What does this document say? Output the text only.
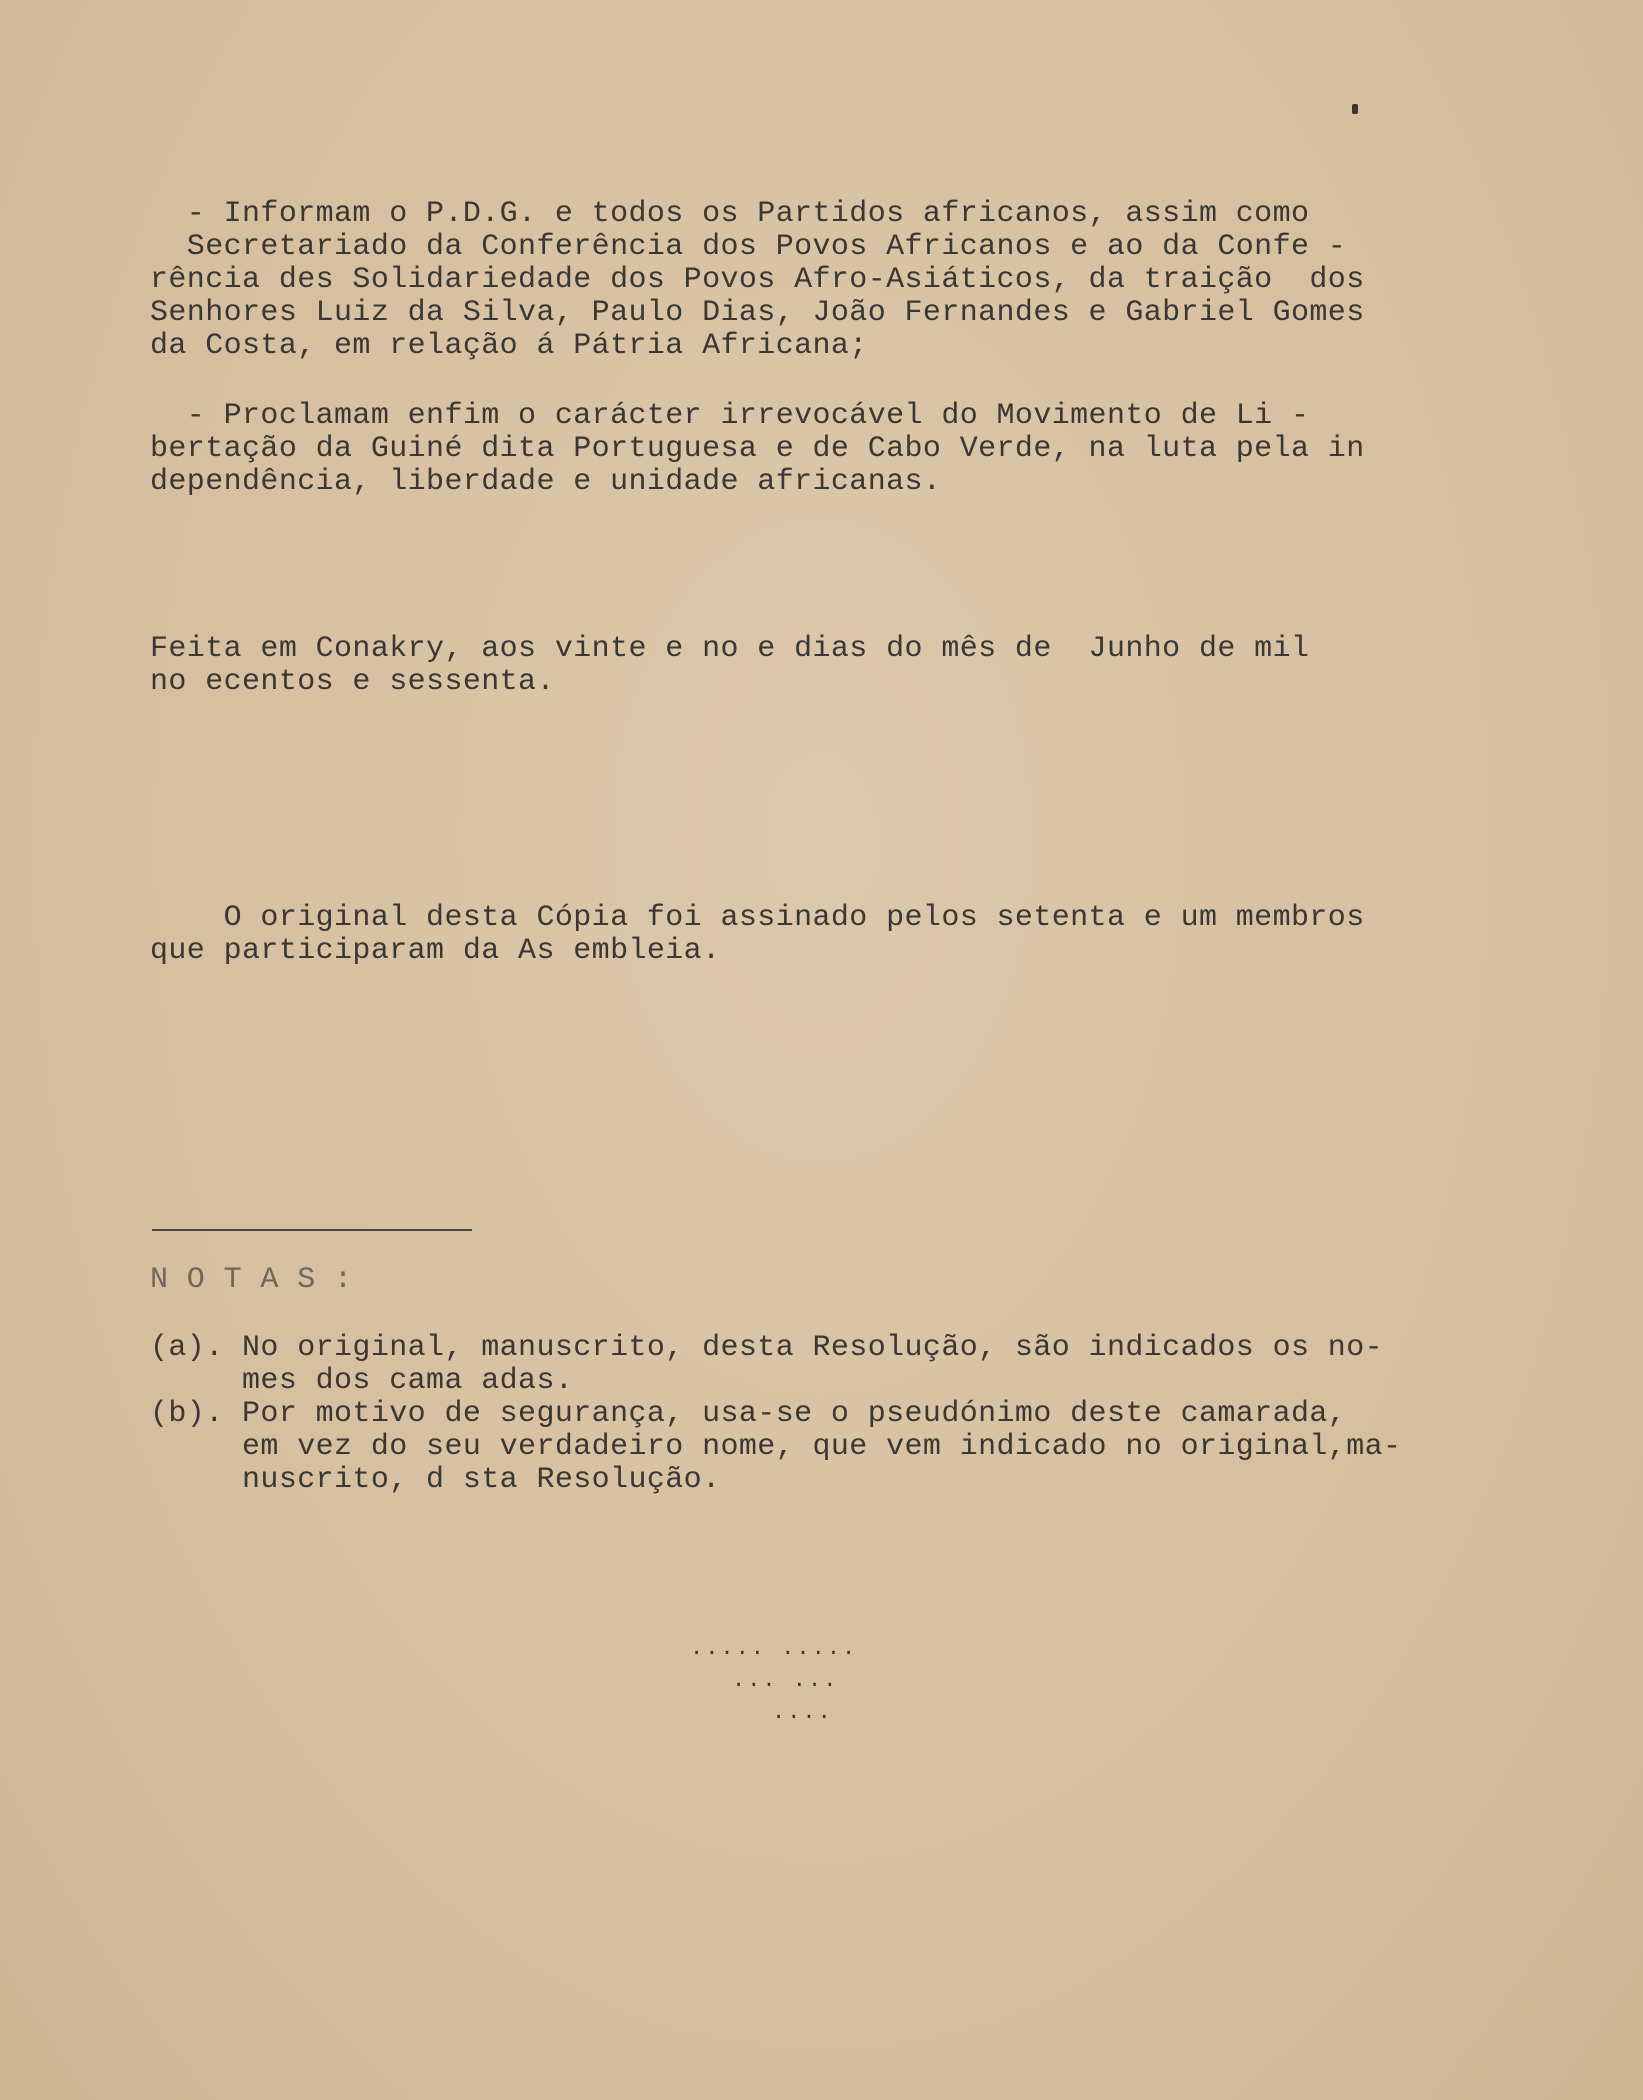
- Informam o P.D.G. e todos os Partidos africanos, assim como
Secretariado da Conferência dos Povos Africanos e ao da Confe -
rência des Solidariedade dos Povos Afro-Asiáticos, da traição  dos
Senhores Luiz da Silva, Paulo Dias, João Fernandes e Gabriel Gomes
da Costa, em relação á Pátria Africana;
- Proclamam enfim o carácter irrevocável do Movimento de Li -
bertação da Guiné dita Portuguesa e de Cabo Verde, na luta pela in
dependência, liberdade e unidade africanas.
Feita em Conakry, aos vinte e no e dias do mês de  Junho de mil
no ecentos e sessenta.
O original desta Cópia foi assinado pelos setenta e um membros
que participaram da As embleia.
N O T A S :
(a). No original, manuscrito, desta Resolução, são indicados os no-
mes dos cama adas.
(b). Por motivo de segurança, usa-se o pseudónimo deste camarada,
em vez do seu verdadeiro nome, que vem indicado no original,ma-
nuscrito, d sta Resolução.
..... .....
... ...
....
